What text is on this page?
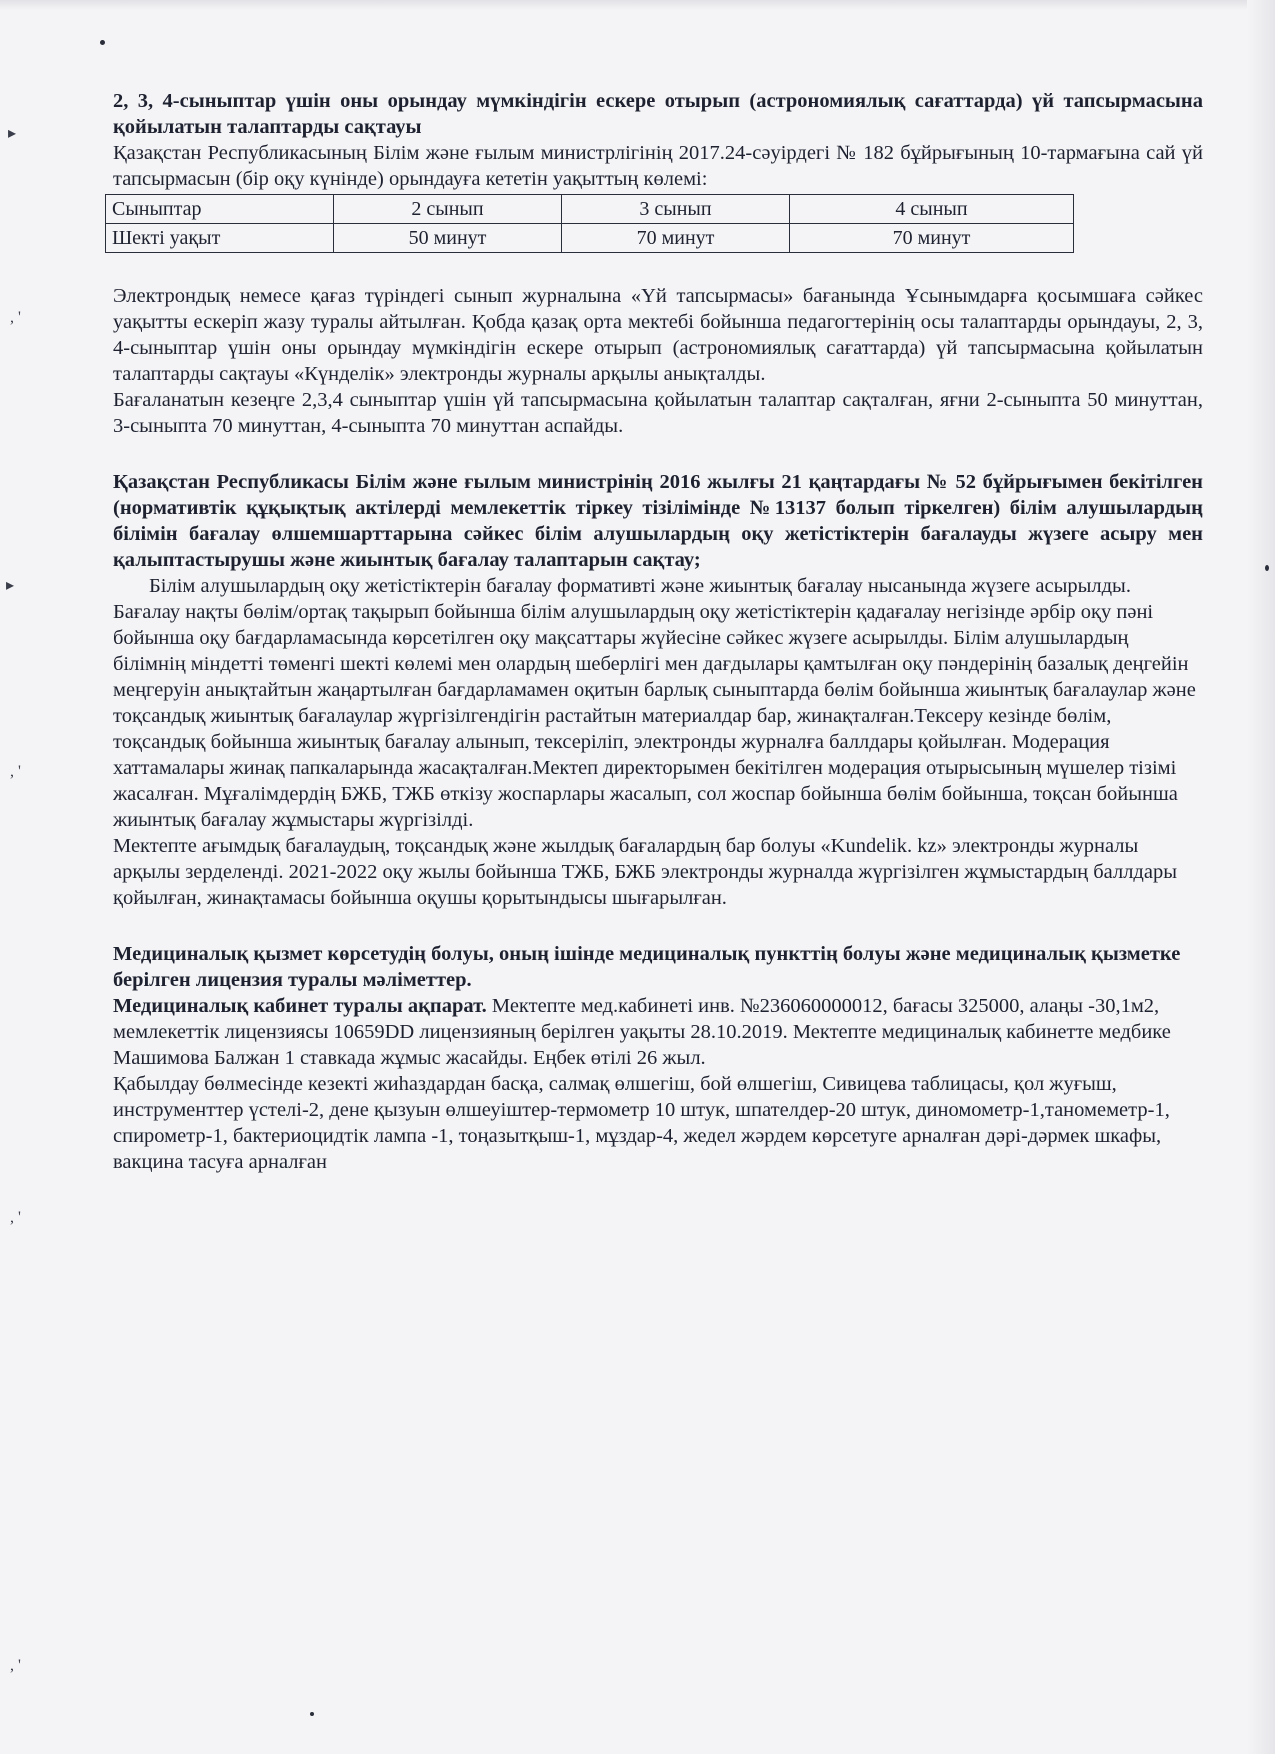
▸
, '
▸
, '
, '
, '

2, 3, 4-сыныптар үшін оны орындау мүмкіндігін ескере отырып (астрономиялық сағаттарда) үй тапсырмасына қойылатын талаптарды сақтауы

Қазақстан Республикасының Білім және ғылым министрлігінің 2017.24-сәуірдегі № 182 бұйрығының 10-тармағына сай үй тапсырмасын (бір оқу күнінде) орындауға кететін уақыттың көлемі:

Сыныптар	2 сынып	3 сынып	4 сынып
Шекті уақыт	50 минут	70 минут	70 минут

Электрондық немесе қағаз түріндегі сынып журналына «Үй тапсырмасы» бағанында Ұсынымдарға қосымшаға сәйкес уақытты ескеріп жазу туралы айтылған. Қобда қазақ орта мектебі бойынша педагогтерінің осы талаптарды орындауы, 2, 3, 4-сыныптар үшін оны орындау мүмкіндігін ескере отырып (астрономиялық сағаттарда) үй тапсырмасына қойылатын талаптарды сақтауы «Күнделік» электронды журналы арқылы анықталды.

Бағаланатын кезеңге 2,3,4 сыныптар үшін үй тапсырмасына қойылатын талаптар сақталған, яғни 2-сыныпта 50 минуттан, 3-сыныпта 70 минуттан, 4-сыныпта 70 минуттан аспайды.

Қазақстан Республикасы Білім және ғылым министрінің 2016 жылғы 21 қаңтардағы № 52 бұйрығымен бекітілген (нормативтік құқықтық актілерді мемлекеттік тіркеу тізілімінде №13137 болып тіркелген) білім алушылардың білімін бағалау өлшемшарттарына сәйкес білім алушылардың оқу жетістіктерін бағалауды жүзеге асыру мен қалыптастырушы және жиынтық бағалау талаптарын сақтау;

Білім алушылардың оқу жетістіктерін бағалау формативті және жиынтық бағалау нысанында жүзеге асырылды. Бағалау нақты бөлім/ортақ тақырып бойынша білім алушылардың оқу жетістіктерін қадағалау негізінде әрбір оқу пәні бойынша оқу бағдарламасында көрсетілген оқу мақсаттары жүйесіне сәйкес жүзеге асырылды. Білім алушылардың білімнің міндетті төменгі шекті көлемі мен олардың шеберлігі мен дағдылары қамтылған оқу пәндерінің базалық деңгейін меңгеруін анықтайтын жаңартылған бағдарламамен оқитын барлық сыныптарда бөлім бойынша жиынтық бағалаулар және тоқсандық жиынтық бағалаулар жүргізілгендігін растайтын материалдар бар, жинақталған.Тексеру кезінде бөлім, тоқсандық бойынша жиынтық бағалау алынып, тексеріліп, электронды журналға баллдары қойылған. Модерация хаттамалары жинақ папкаларында жасақталған.Мектеп директорымен бекітілген модерация отырысының мүшелер тізімі жасалған. Мұғалімдердің БЖБ, ТЖБ өткізу жоспарлары жасалып, сол жоспар бойынша бөлім бойынша, тоқсан бойынша жиынтық бағалау жұмыстары жүргізілді.

Мектепте ағымдық бағалаудың, тоқсандық және жылдық бағалардың бар болуы «Kundelik. kz» электронды журналы арқылы зерделенді. 2021-2022 оқу жылы бойынша ТЖБ, БЖБ электронды журналда жүргізілген жұмыстардың баллдары қойылған, жинақтамасы бойынша оқушы қорытындысы шығарылған.

Медициналық қызмет көрсетудің болуы, оның ішінде медициналық пункттің болуы және медициналық қызметке берілген лицензия туралы мәліметтер.

Медициналық кабинет туралы ақпарат. Мектепте мед.кабинеті инв. №236060000012, бағасы 325000, алаңы -30,1м2, мемлекеттік лицензиясы 10659DD лицензияның берілген уақыты 28.10.2019. Мектепте медициналық кабинетте медбике Машимова Балжан 1 ставкада жұмыс жасайды. Еңбек өтілі 26 жыл.

Қабылдау бөлмесінде кезекті жиһаздардан басқа, салмақ өлшегіш, бой өлшегіш, Сивицева таблицасы, қол жуғыш, инструменттер үстелі-2, дене қызуын өлшеуіштер-термометр 10 штук, шпателдер-20 штук, диномометр-1,таномеметр-1, спирометр-1, бактериоцидтік лампа -1, тоңазытқыш-1, мұздар-4, жедел жәрдем көрсетуге арналған дәрі-дәрмек шкафы, вакцина тасуға арналған
